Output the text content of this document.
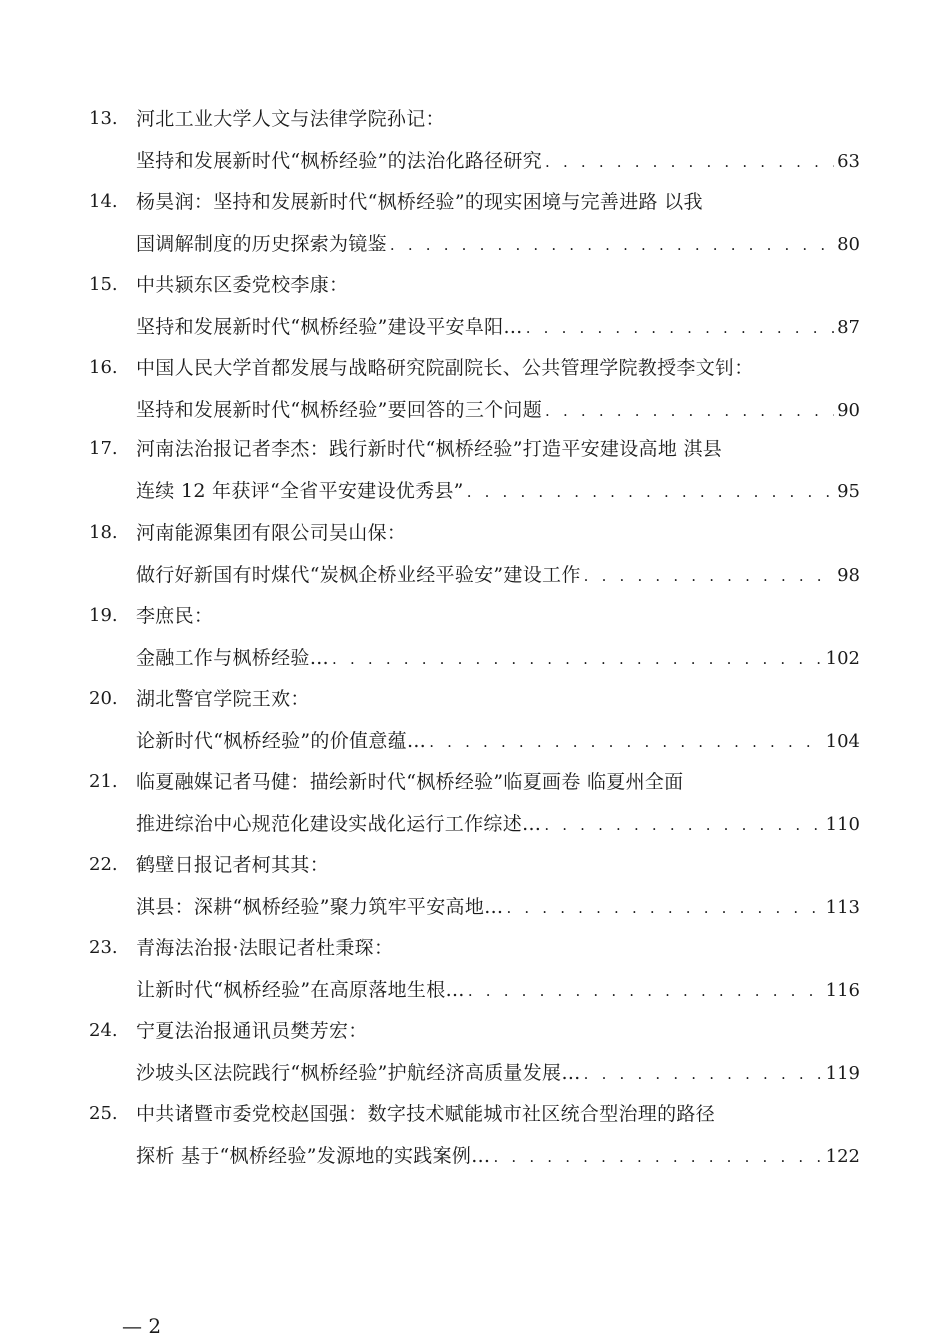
13. 河北工业大学人文与法律学院孙记：
坚持和发展新时代“枫桥经验”的法治化路径研究 . . .	63
14. 杨昊润：坚持和发展新时代“枫桥经验”的现实困境与完善进路 以我
国调解制度的历史探索为镜鉴 . . .	80
15. 中共颍东区委党校李康：
坚持和发展新时代“枫桥经验”建设平安阜阳… . . .	87
16. 中国人民大学首都发展与战略研究院副院长、公共管理学院教授李文钊：
坚持和发展新时代“枫桥经验”要回答的三个问题 . . .	90
17. 河南法治报记者李杰：践行新时代“枫桥经验”打造平安建设高地 淇县
连续 12 年获评“全省平安建设优秀县” . . .	95
18. 河南能源集团有限公司吴山保：
做行好新国有时煤代“炭枫企桥业经平验安”建设工作 . . .	98
19. 李庶民：
金融工作与枫桥经验… . . .	102
20. 湖北警官学院王欢：
论新时代“枫桥经验”的价值意蕴… . . .	104
21. 临夏融媒记者马健：描绘新时代“枫桥经验”临夏画卷 临夏州全面
推进综治中心规范化建设实战化运行工作综述… . . .	110
22. 鹤壁日报记者柯其其：
淇县：深耕“枫桥经验”聚力筑牢平安高地… . . .	113
23. 青海法治报·法眼记者杜秉琛：
让新时代“枫桥经验”在高原落地生根… . . .	116
24. 宁夏法治报通讯员樊芳宏：
沙坡头区法院践行“枫桥经验”护航经济高质量发展… . . .	119
25. 中共诸暨市委党校赵国强：数字技术赋能城市社区统合型治理的路径
探析 基于“枫桥经验”发源地的实践案例… . . .	122
— 2
